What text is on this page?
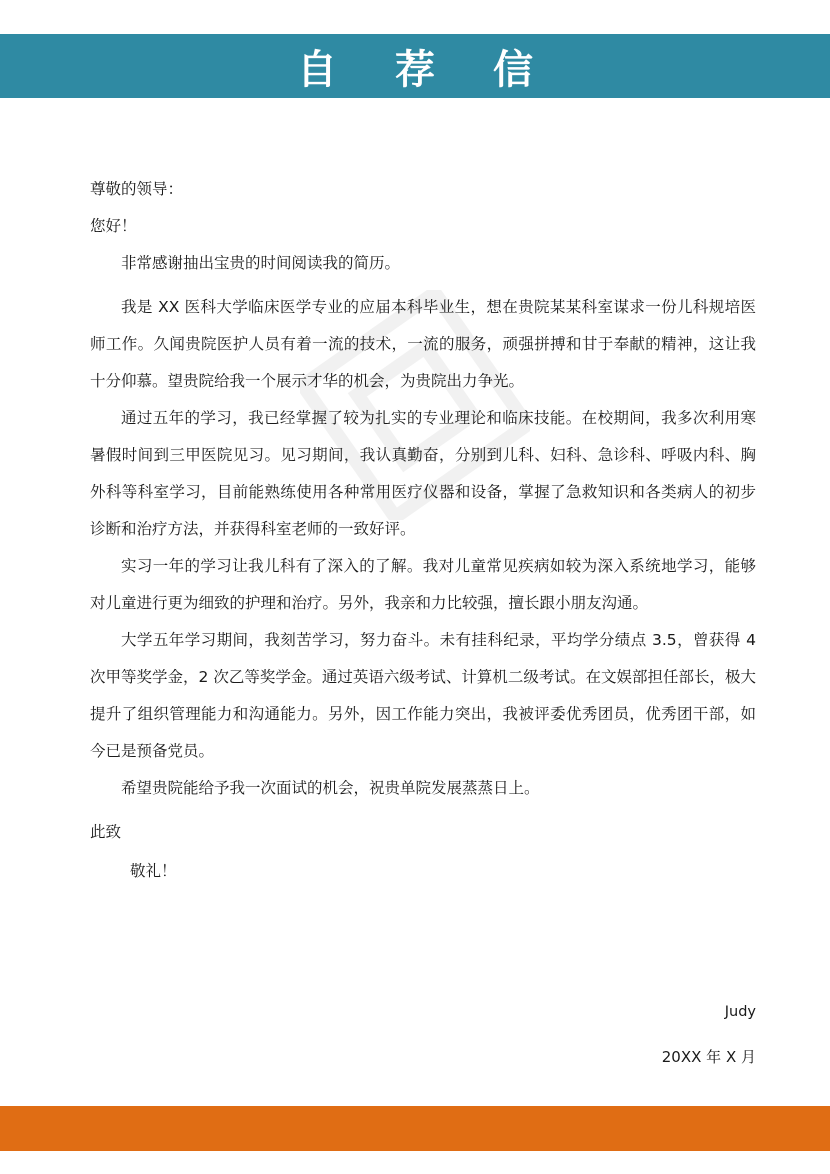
自荐信

尊敬的领导：

您好！

非常感谢抽出宝贵的时间阅读我的简历。

我是 XX 医科大学临床医学专业的应届本科毕业生，想在贵院某某科室谋求一份儿科规培医师工作。久闻贵院医护人员有着一流的技术，一流的服务，顽强拼搏和甘于奉献的精神，这让我十分仰慕。望贵院给我一个展示才华的机会，为贵院出力争光。

通过五年的学习，我已经掌握了较为扎实的专业理论和临床技能。在校期间，我多次利用寒暑假时间到三甲医院见习。见习期间，我认真勤奋，分别到儿科、妇科、急诊科、呼吸内科、胸外科等科室学习，目前能熟练使用各种常用医疗仪器和设备，掌握了急救知识和各类病人的初步诊断和治疗方法，并获得科室老师的一致好评。

实习一年的学习让我儿科有了深入的了解。我对儿童常见疾病如较为深入系统地学习，能够对儿童进行更为细致的护理和治疗。另外，我亲和力比较强，擅长跟小朋友沟通。

大学五年学习期间，我刻苦学习，努力奋斗。未有挂科纪录，平均学分绩点 3.5，曾获得 4 次甲等奖学金，2 次乙等奖学金。通过英语六级考试、计算机二级考试。在文娱部担任部长，极大提升了组织管理能力和沟通能力。另外，因工作能力突出，我被评委优秀团员，优秀团干部，如今已是预备党员。

希望贵院能给予我一次面试的机会，祝贵单院发展蒸蒸日上。

此致

敬礼！

Judy
20XX 年 X 月
